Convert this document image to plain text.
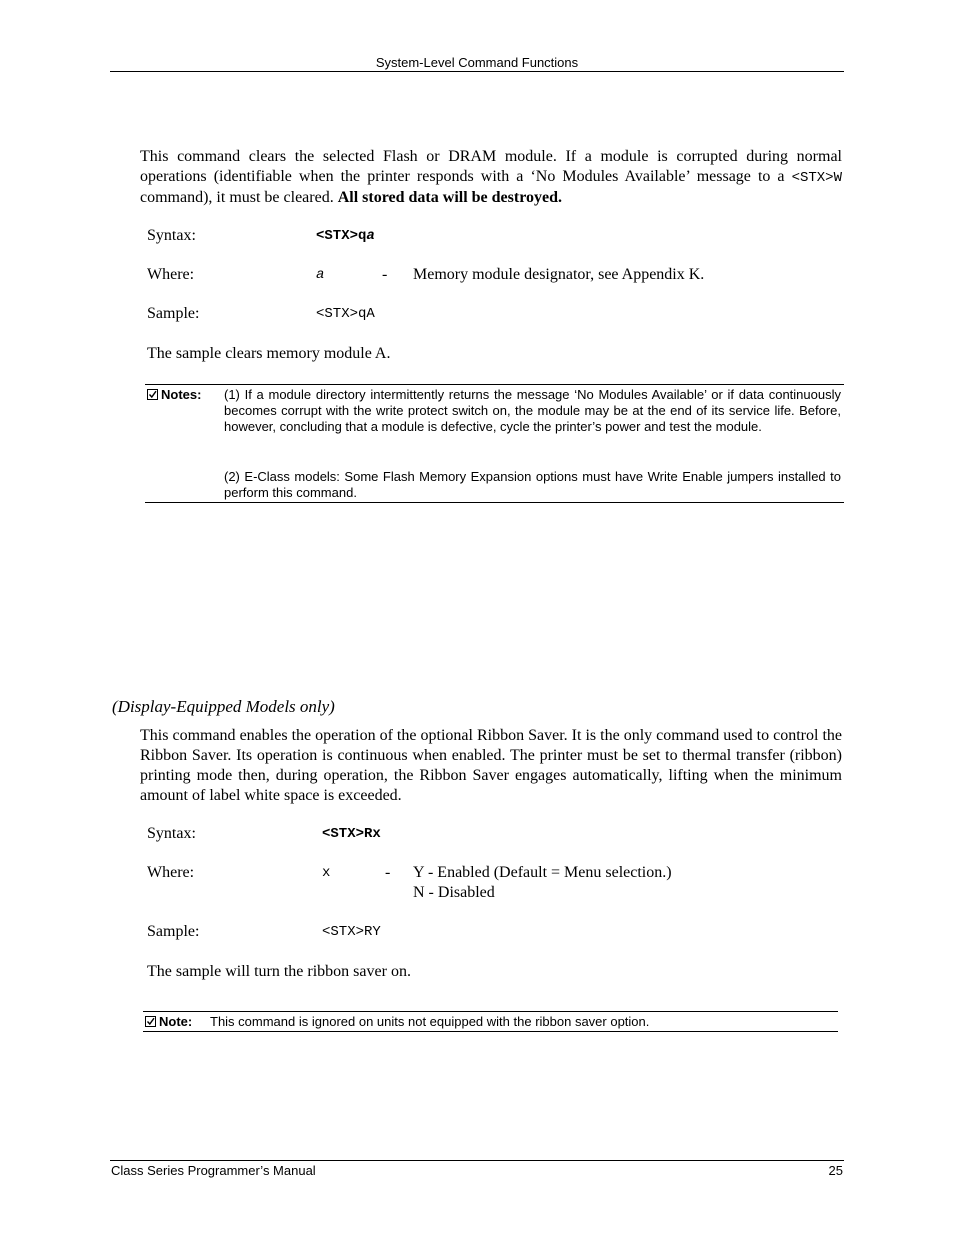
System-Level Command Functions
This command clears the selected Flash or DRAM module. If a module is corrupted during normal operations (identifiable when the printer responds with a ‘No Modules Available’ message to a <STX>W command), it must be cleared. All stored data will be destroyed.
Syntax:	<STX>qa
Where:	a	- Memory module designator, see Appendix K.
Sample:	<STX>qA
The sample clears memory module A.
Notes: (1) If a module directory intermittently returns the message ‘No Modules Available’ or if data continuously becomes corrupt with the write protect switch on, the module may be at the end of its service life. Before, however, concluding that a module is defective, cycle the printer’s power and test the module.
(2) E-Class models: Some Flash Memory Expansion options must have Write Enable jumpers installed to perform this command.
(Display-Equipped Models only)
This command enables the operation of the optional Ribbon Saver. It is the only command used to control the Ribbon Saver. Its operation is continuous when enabled. The printer must be set to thermal transfer (ribbon) printing mode then, during operation, the Ribbon Saver engages automatically, lifting when the minimum amount of label white space is exceeded.
Syntax:	<STX>Rx
Where:	x	- Y - Enabled (Default = Menu selection.)
N - Disabled
Sample:	<STX>RY
The sample will turn the ribbon saver on.
Note: This command is ignored on units not equipped with the ribbon saver option.
Class Series Programmer’s Manual	25
